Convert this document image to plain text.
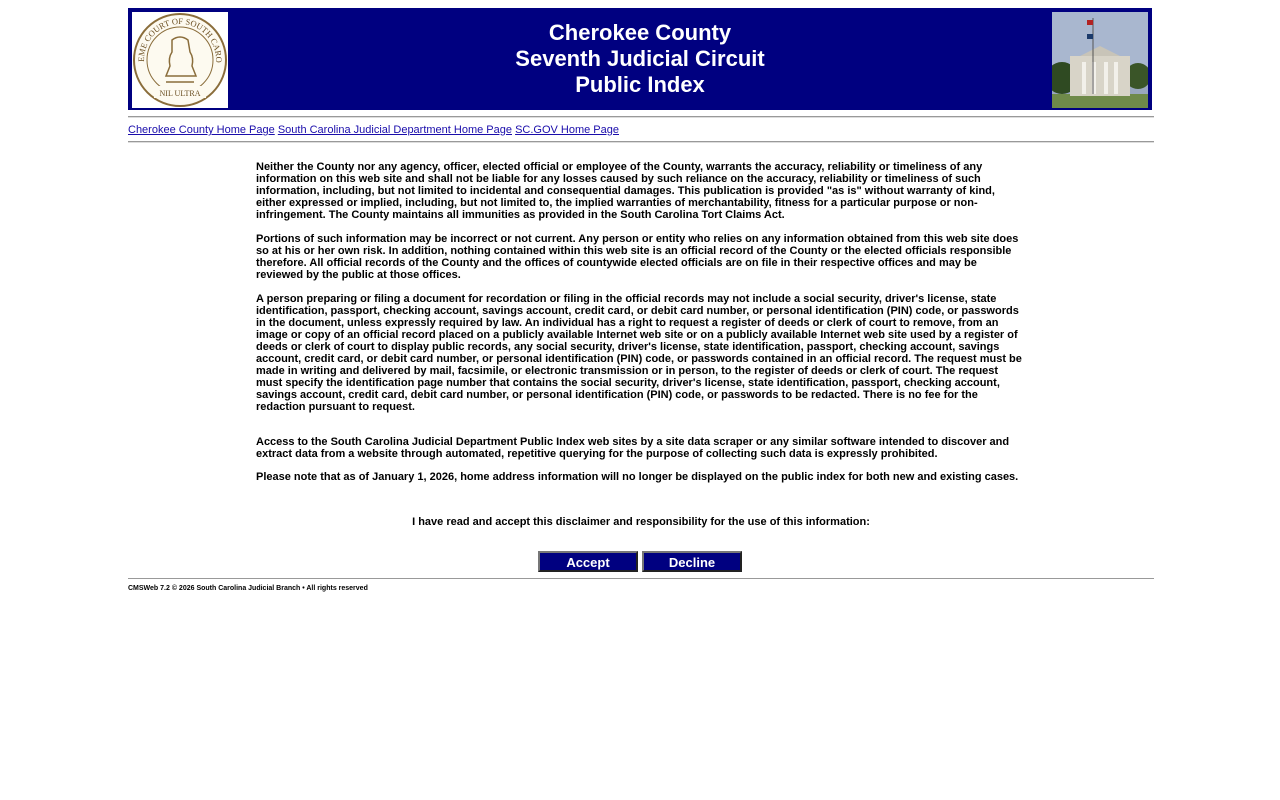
EME COURT OF SOUTH CARO
NIL ULTRA
Cherokee County
Seventh Judicial Circuit
Public Index
Cherokee County Home Page South Carolina Judicial Department Home Page SC.GOV Home Page

Neither the County nor any agency, officer, elected official or employee of the County, warrants the accuracy, reliability or timeliness of any information on this web site and shall not be liable for any losses caused by such reliance on the accuracy, reliability or timeliness of such information, including, but not limited to incidental and consequential damages. This publication is provided "as is" without warranty of kind, either expressed or implied, including, but not limited to, the implied warranties of merchantability, fitness for a particular purpose or non-infringement. The County maintains all immunities as provided in the South Carolina Tort Claims Act.

Portions of such information may be incorrect or not current. Any person or entity who relies on any information obtained from this web site does so at his or her own risk. In addition, nothing contained within this web site is an official record of the County or the elected officials responsible therefore. All official records of the County and the offices of countywide elected officials are on file in their respective offices and may be reviewed by the public at those offices.

A person preparing or filing a document for recordation or filing in the official records may not include a social security, driver's license, state identification, passport, checking account, savings account, credit card, or debit card number, or personal identification (PIN) code, or passwords in the document, unless expressly required by law. An individual has a right to request a register of deeds or clerk of court to remove, from an image or copy of an official record placed on a publicly available Internet web site or on a publicly available Internet web site used by a register of deeds or clerk of court to display public records, any social security, driver's license, state identification, passport, checking account, savings account, credit card, or debit card number, or personal identification (PIN) code, or passwords contained in an official record. The request must be made in writing and delivered by mail, facsimile, or electronic transmission or in person, to the register of deeds or clerk of court. The request must specify the identification page number that contains the social security, driver's license, state identification, passport, checking account, savings account, credit card, debit card number, or personal identification (PIN) code, or passwords to be redacted. There is no fee for the redaction pursuant to request.

Access to the South Carolina Judicial Department Public Index web sites by a site data scraper or any similar software intended to discover and extract data from a website through automated, repetitive querying for the purpose of collecting such data is expressly prohibited.

Please note that as of January 1, 2026, home address information will no longer be displayed on the public index for both new and existing cases.

I have read and accept this disclaimer and responsibility for the use of this information:
Accept	Decline
CMSWeb 7.2 © 2026 South Carolina Judicial Branch • All rights reserved
